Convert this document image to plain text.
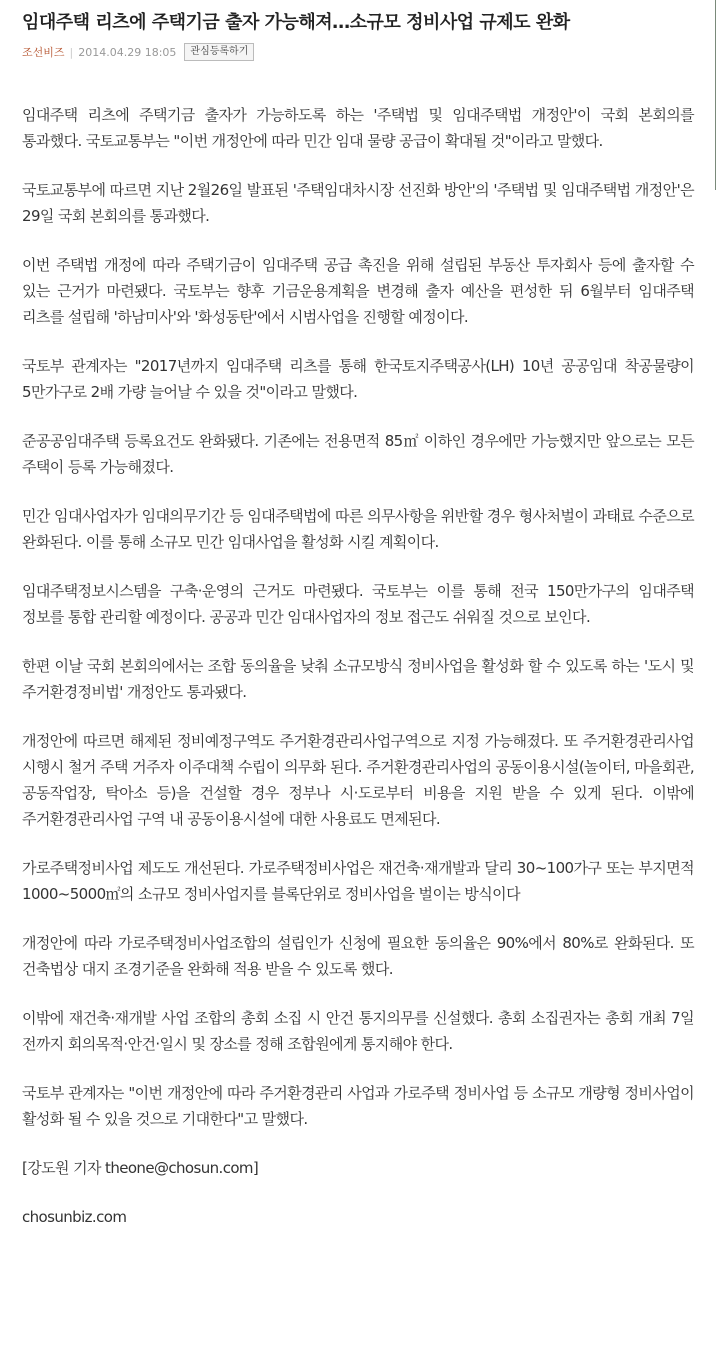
임대주택 리츠에 주택기금 출자 가능해져…소규모 정비사업 규제도 완화
조선비즈 | 2014.04.29 18:05	관심등록하기

임대주택 리츠에 주택기금 출자가 가능하도록 하는 '주택법 및 임대주택법 개정안'이 국회 본회의를 통과했다. 국토교통부는 "이번 개정안에 따라 민간 임대 물량 공급이 확대될 것"이라고 말했다.

국토교통부에 따르면 지난 2월26일 발표된 '주택임대차시장 선진화 방안'의 '주택법 및 임대주택법 개정안'은 29일 국회 본회의를 통과했다.

이번 주택법 개정에 따라 주택기금이 임대주택 공급 촉진을 위해 설립된 부동산 투자회사 등에 출자할 수 있는 근거가 마련됐다. 국토부는 향후 기금운용계획을 변경해 출자 예산을 편성한 뒤 6월부터 임대주택 리츠를 설립해 '하남미사'와 '화성동탄'에서 시범사업을 진행할 예정이다.

국토부 관계자는 "2017년까지 임대주택 리츠를 통해 한국토지주택공사(LH) 10년 공공임대 착공물량이 5만가구로 2배 가량 늘어날 수 있을 것"이라고 말했다.

준공공임대주택 등록요건도 완화됐다. 기존에는 전용면적 85㎡ 이하인 경우에만 가능했지만 앞으로는 모든 주택이 등록 가능해졌다.

민간 임대사업자가 임대의무기간 등 임대주택법에 따른 의무사항을 위반할 경우 형사처벌이 과태료 수준으로 완화된다. 이를 통해 소규모 민간 임대사업을 활성화 시킬 계획이다.

임대주택정보시스템을 구축·운영의 근거도 마련됐다. 국토부는 이를 통해 전국 150만가구의 임대주택 정보를 통합 관리할 예정이다. 공공과 민간 임대사업자의 정보 접근도 쉬워질 것으로 보인다.

한편 이날 국회 본회의에서는 조합 동의율을 낮춰 소규모방식 정비사업을 활성화 할 수 있도록 하는 '도시 및 주거환경정비법' 개정안도 통과됐다.

개정안에 따르면 해제된 정비예정구역도 주거환경관리사업구역으로 지정 가능해졌다. 또 주거환경관리사업 시행시 철거 주택 거주자 이주대책 수립이 의무화 된다. 주거환경관리사업의 공동이용시설(놀이터, 마을회관, 공동작업장, 탁아소 등)을 건설할 경우 정부나 시·도로부터 비용을 지원 받을 수 있게 된다. 이밖에 주거환경관리사업 구역 내 공동이용시설에 대한 사용료도 면제된다.

가로주택정비사업 제도도 개선된다. 가로주택정비사업은 재건축·재개발과 달리 30~100가구 또는 부지면적 1000~5000㎡의 소규모 정비사업지를 블록단위로 정비사업을 벌이는 방식이다

개정안에 따라 가로주택정비사업조합의 설립인가 신청에 필요한 동의율은 90%에서 80%로 완화된다. 또 건축법상 대지 조경기준을 완화해 적용 받을 수 있도록 했다.

이밖에 재건축·재개발 사업 조합의 총회 소집 시 안건 통지의무를 신설했다. 총회 소집권자는 총회 개최 7일 전까지 회의목적·안건·일시 및 장소를 정해 조합원에게 통지해야 한다.

국토부 관계자는 "이번 개정안에 따라 주거환경관리 사업과 가로주택 정비사업 등 소규모 개량형 정비사업이 활성화 될 수 있을 것으로 기대한다"고 말했다.

[강도원 기자 theone@chosun.com]
chosunbiz.com
